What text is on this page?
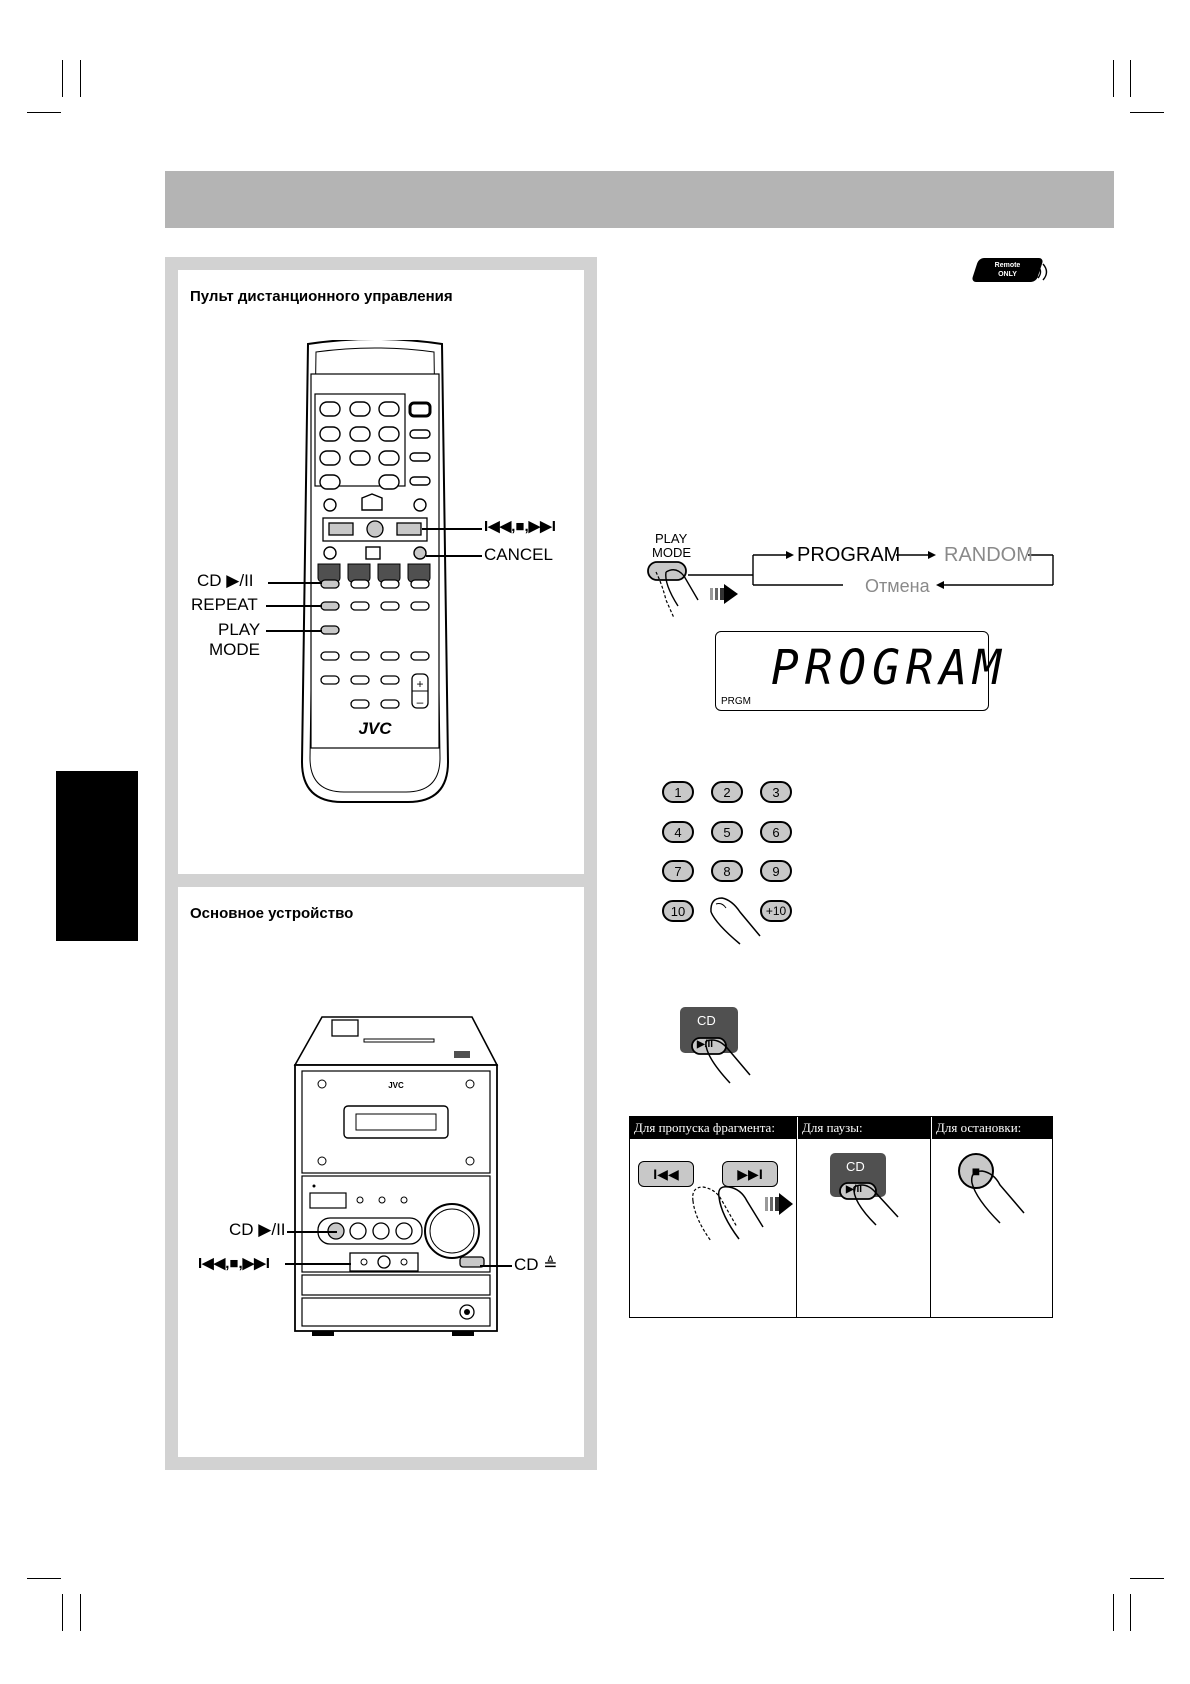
Пульт дистанционного управления
Основное устройство
+
–
JVC
I◀◀,■,▶▶I
CANCEL
CD ▶/II
REPEAT
PLAY
MODE
JVC
CD ▶/II
I◀◀,■,▶▶I	CD ≜
Remote
ONLY
PLAY
MODE	PROGRAM RANDOM
Отмена
PROGRAM
PRGM
1	2	3
4	5	6
7	8	9
10	+10
CD
▶/II
Для пропуска фрагмента:	Для паузы:	Для остановки:
I◀◀	▶▶I	CD
▶/II
■
